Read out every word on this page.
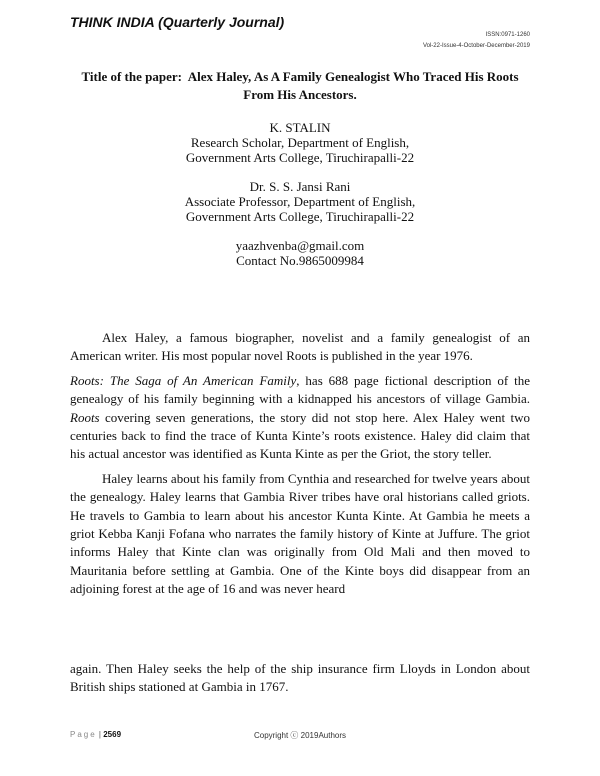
THINK INDIA (Quarterly Journal)
ISSN:0971-1260
Vol-22-Issue-4-October-December-2019
Title of the paper: Alex Haley, As A Family Genealogist Who Traced His Roots From His Ancestors.
K. STALIN
Research Scholar, Department of English,
Government Arts College, Tiruchirapalli-22
Dr. S. S. Jansi Rani
Associate Professor, Department of English,
Government Arts College, Tiruchirapalli-22
yaazhvenba@gmail.com
Contact No.9865009984

Alex Haley, a famous biographer, novelist and a family genealogist of an American writer. His most popular novel Roots is published in the year 1976.

Roots: The Saga of An American Family, has 688 page fictional description of the genealogy of his family beginning with a kidnapped his ancestors of village Gambia. Roots covering seven generations, the story did not stop here. Alex Haley went two centuries back to find the trace of Kunta Kinte’s roots existence. Haley did claim that his actual ancestor was identified as Kunta Kinte as per the Griot, the story teller.

Haley learns about his family from Cynthia and researched for twelve years about the genealogy. Haley learns that Gambia River tribes have oral historians called griots. He travels to Gambia to learn about his ancestor Kunta Kinte. At Gambia he meets a griot Kebba Kanji Fofana who narrates the family history of Kinte at Juffure. The griot informs Haley that Kinte clan was originally from Old Mali and then moved to Mauritania before settling at Gambia. One of the Kinte boys did disappear from an adjoining forest at the age of 16 and was never heard

again. Then Haley seeks the help of the ship insurance firm Lloyds in London about British ships stationed at Gambia in 1767.

Page | 2569	Copyright ⓒ 2019Authors
